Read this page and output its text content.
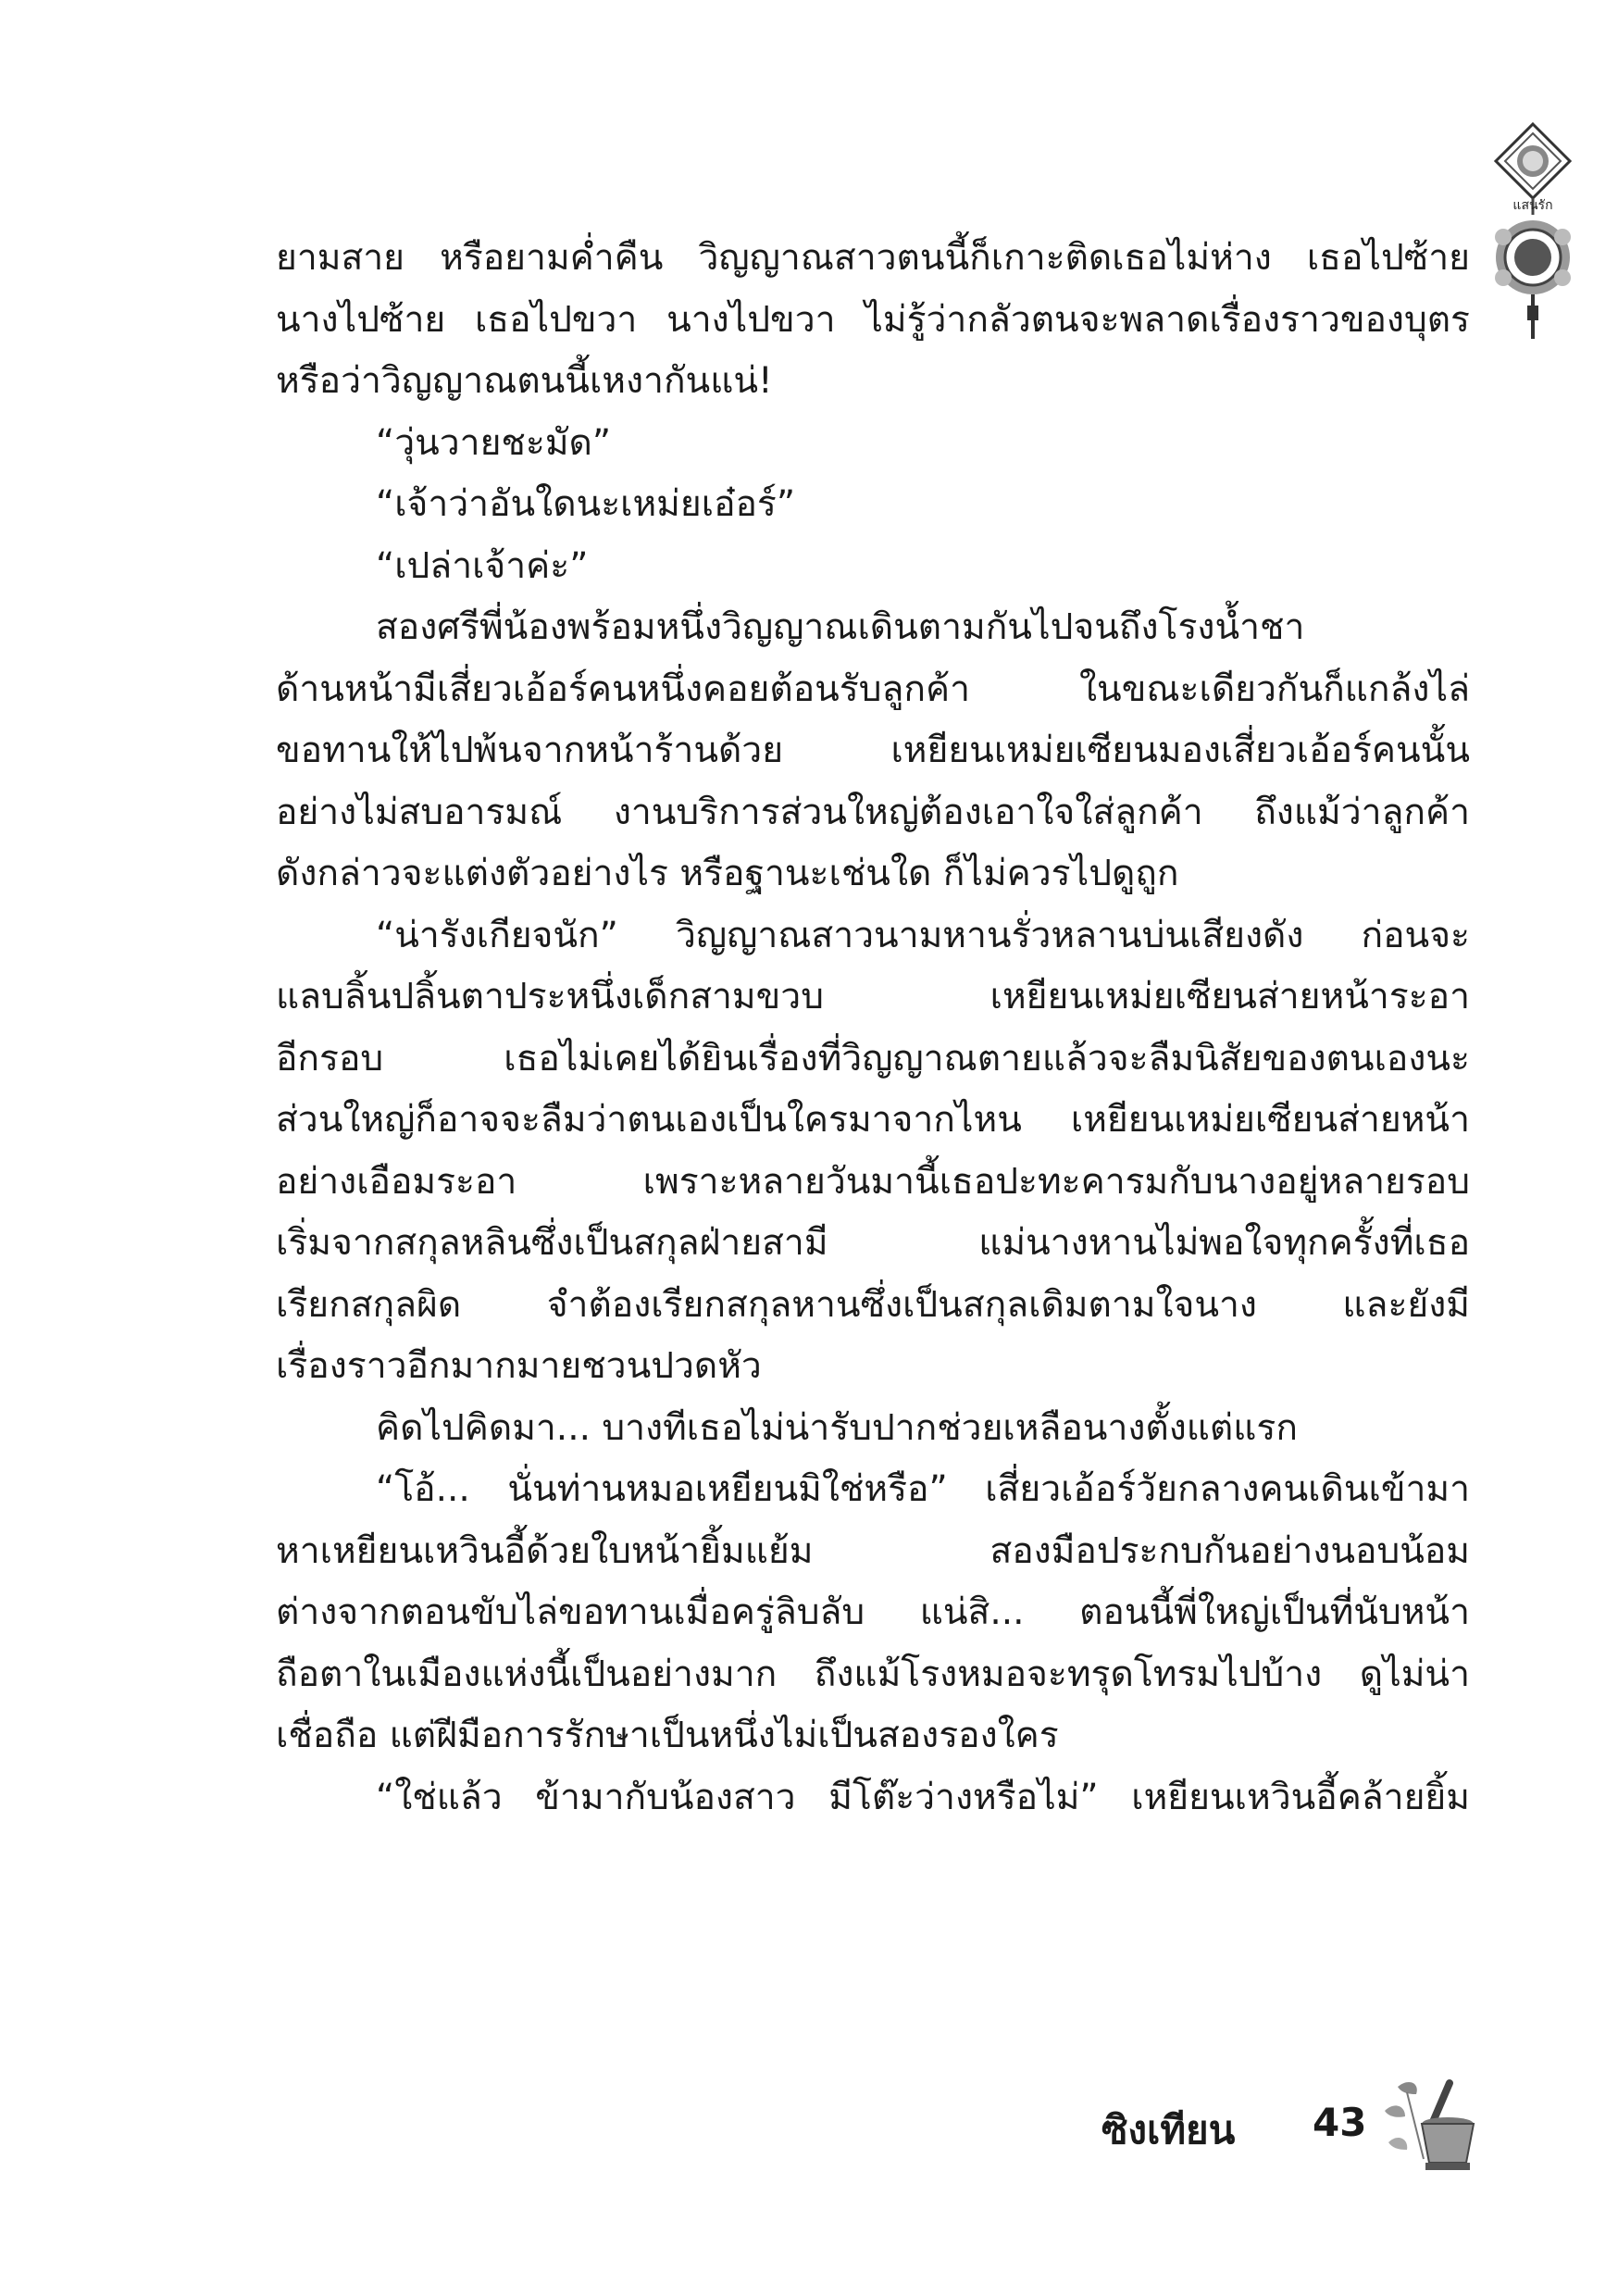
แสนรัก
ยามสาย หรือยามค่ำคืน วิญญาณสาวตนนี้ก็เกาะติดเธอไม่ห่าง เธอไปซ้าย
นางไปซ้าย เธอไปขวา นางไปขวา ไม่รู้ว่ากลัวตนจะพลาดเรื่องราวของบุตร
หรือว่าวิญญาณตนนี้เหงากันแน่!
“วุ่นวายชะมัด”
“เจ้าว่าอันใดนะเหม่ยเอ๋อร์”
“เปล่าเจ้าค่ะ”
สองศรีพี่น้องพร้อมหนึ่งวิญญาณเดินตามกันไปจนถึงโรงน้ำชา
ด้านหน้ามีเสี่ยวเอ้อร์คนหนึ่งคอยต้อนรับลูกค้า ในขณะเดียวกันก็แกล้งไล่
ขอทานให้ไปพ้นจากหน้าร้านด้วย เหยียนเหม่ยเซียนมองเสี่ยวเอ้อร์คนนั้น
อย่างไม่สบอารมณ์ งานบริการส่วนใหญ่ต้องเอาใจใส่ลูกค้า ถึงแม้ว่าลูกค้า
ดังกล่าวจะแต่งตัวอย่างไร หรือฐานะเช่นใด ก็ไม่ควรไปดูถูก
“น่ารังเกียจนัก” วิญญาณสาวนามหานรั่วหลานบ่นเสียงดัง ก่อนจะ
แลบลิ้นปลิ้นตาประหนึ่งเด็กสามขวบ เหยียนเหม่ยเซียนส่ายหน้าระอา
อีกรอบ เธอไม่เคยได้ยินเรื่องที่วิญญาณตายแล้วจะลืมนิสัยของตนเองนะ
ส่วนใหญ่ก็อาจจะลืมว่าตนเองเป็นใครมาจากไหน เหยียนเหม่ยเซียนส่ายหน้า
อย่างเอือมระอา เพราะหลายวันมานี้เธอปะทะคารมกับนางอยู่หลายรอบ
เริ่มจากสกุลหลินซึ่งเป็นสกุลฝ่ายสามี แม่นางหานไม่พอใจทุกครั้งที่เธอ
เรียกสกุลผิด จำต้องเรียกสกุลหานซึ่งเป็นสกุลเดิมตามใจนาง และยังมี
เรื่องราวอีกมากมายชวนปวดหัว
คิดไปคิดมา... บางทีเธอไม่น่ารับปากช่วยเหลือนางตั้งแต่แรก
“โอ้... นั่นท่านหมอเหยียนมิใช่หรือ” เสี่ยวเอ้อร์วัยกลางคนเดินเข้ามา
หาเหยียนเหวินอี้ด้วยใบหน้ายิ้มแย้ม สองมือประกบกันอย่างนอบน้อม
ต่างจากตอนขับไล่ขอทานเมื่อครู่ลิบลับ แน่สิ... ตอนนี้พี่ใหญ่เป็นที่นับหน้า
ถือตาในเมืองแห่งนี้เป็นอย่างมาก ถึงแม้โรงหมอจะทรุดโทรมไปบ้าง ดูไม่น่า
เชื่อถือ แต่ฝีมือการรักษาเป็นหนึ่งไม่เป็นสองรองใคร
“ใช่แล้ว ข้ามากับน้องสาว มีโต๊ะว่างหรือไม่” เหยียนเหวินอี้คล้ายยิ้ม
ซิงเทียน 43
